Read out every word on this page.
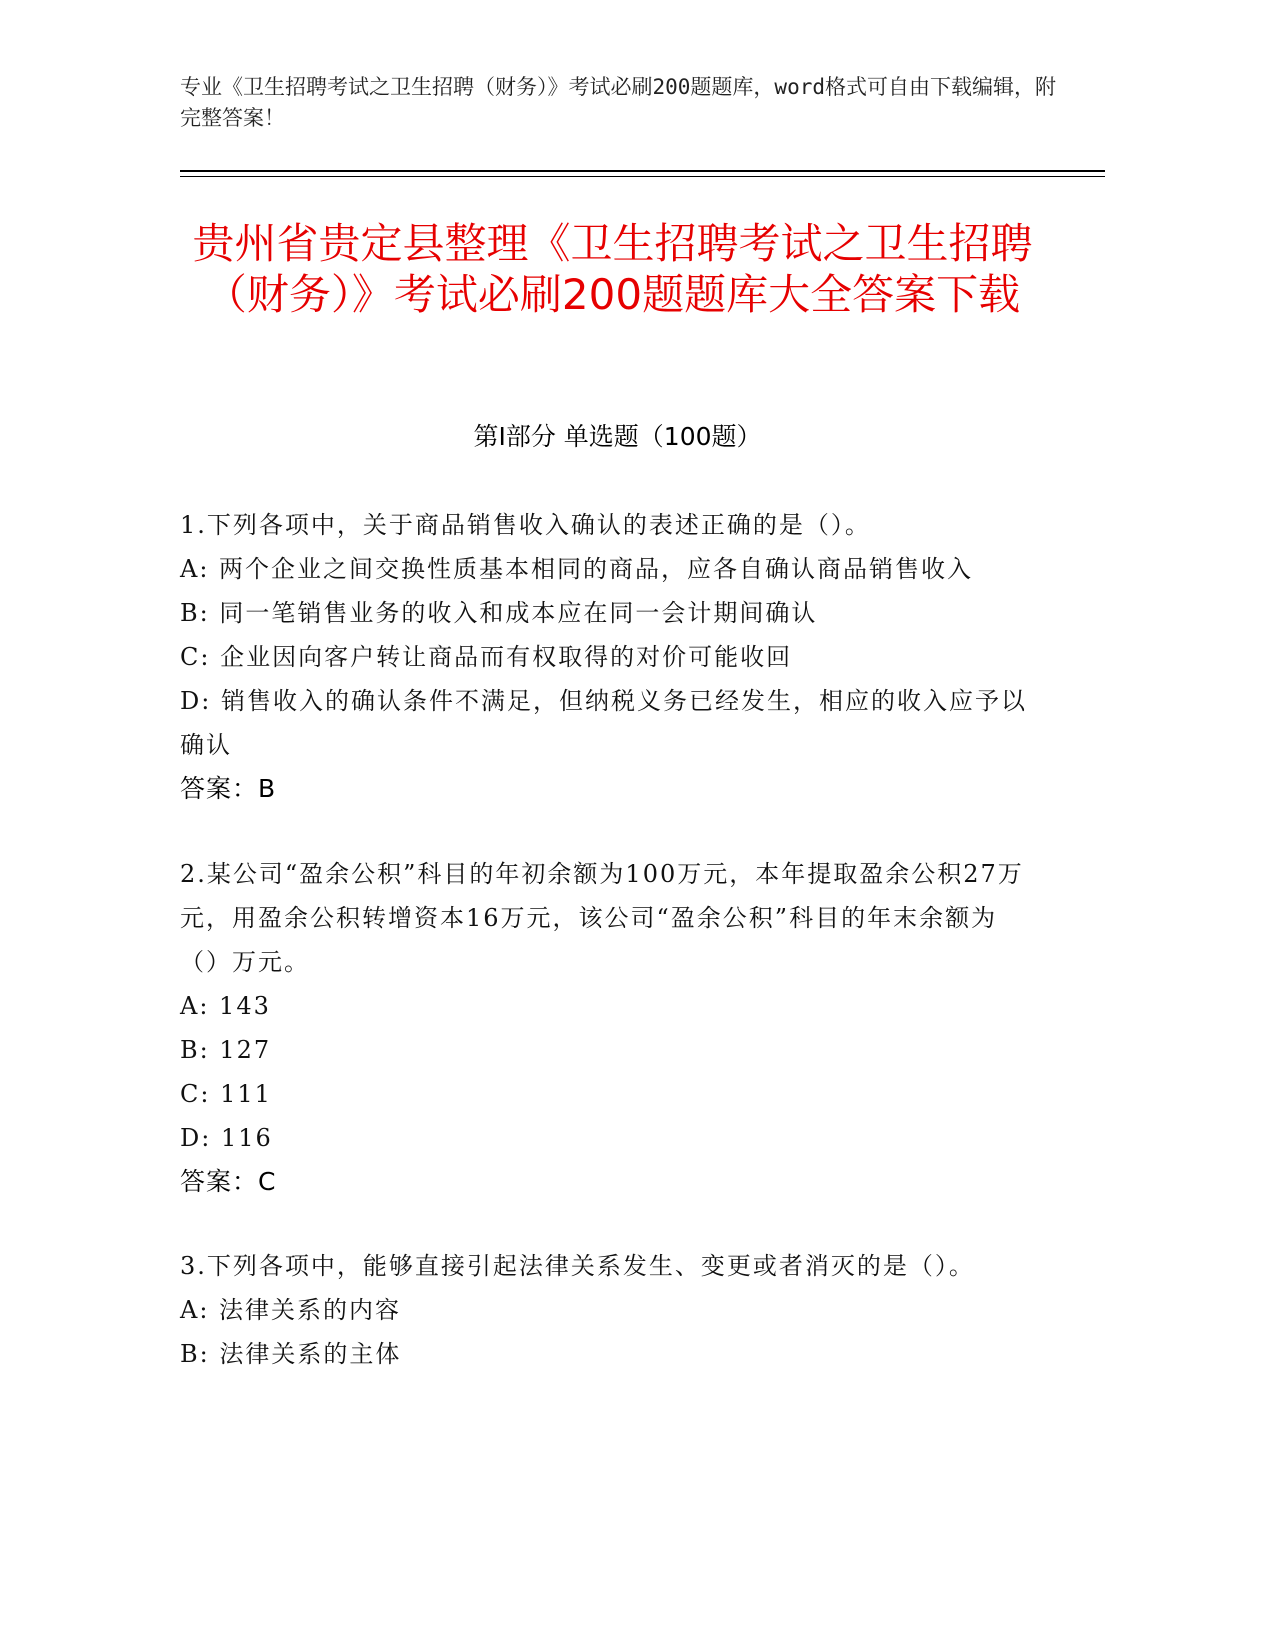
专业《卫生招聘考试之卫生招聘（财务）》考试必刷200题题库，word格式可自由下载编辑，附完整答案！
贵州省贵定县整理《卫生招聘考试之卫生招聘（财务）》考试必刷200题题库大全答案下载
第I部分 单选题（100题）
1.下列各项中，关于商品销售收入确认的表述正确的是（）。
A: 两个企业之间交换性质基本相同的商品，应各自确认商品销售收入
B: 同一笔销售业务的收入和成本应在同一会计期间确认
C: 企业因向客户转让商品而有权取得的对价可能收回
D: 销售收入的确认条件不满足，但纳税义务已经发生，相应的收入应予以确认
答案：B
2.某公司“盈余公积”科目的年初余额为100万元，本年提取盈余公积27万元，用盈余公积转增资本16万元，该公司“盈余公积”科目的年末余额为（）万元。
A: 143
B: 127
C: 111
D: 116
答案：C
3.下列各项中，能够直接引起法律关系发生、变更或者消灭的是（）。
A: 法律关系的内容
B: 法律关系的主体
